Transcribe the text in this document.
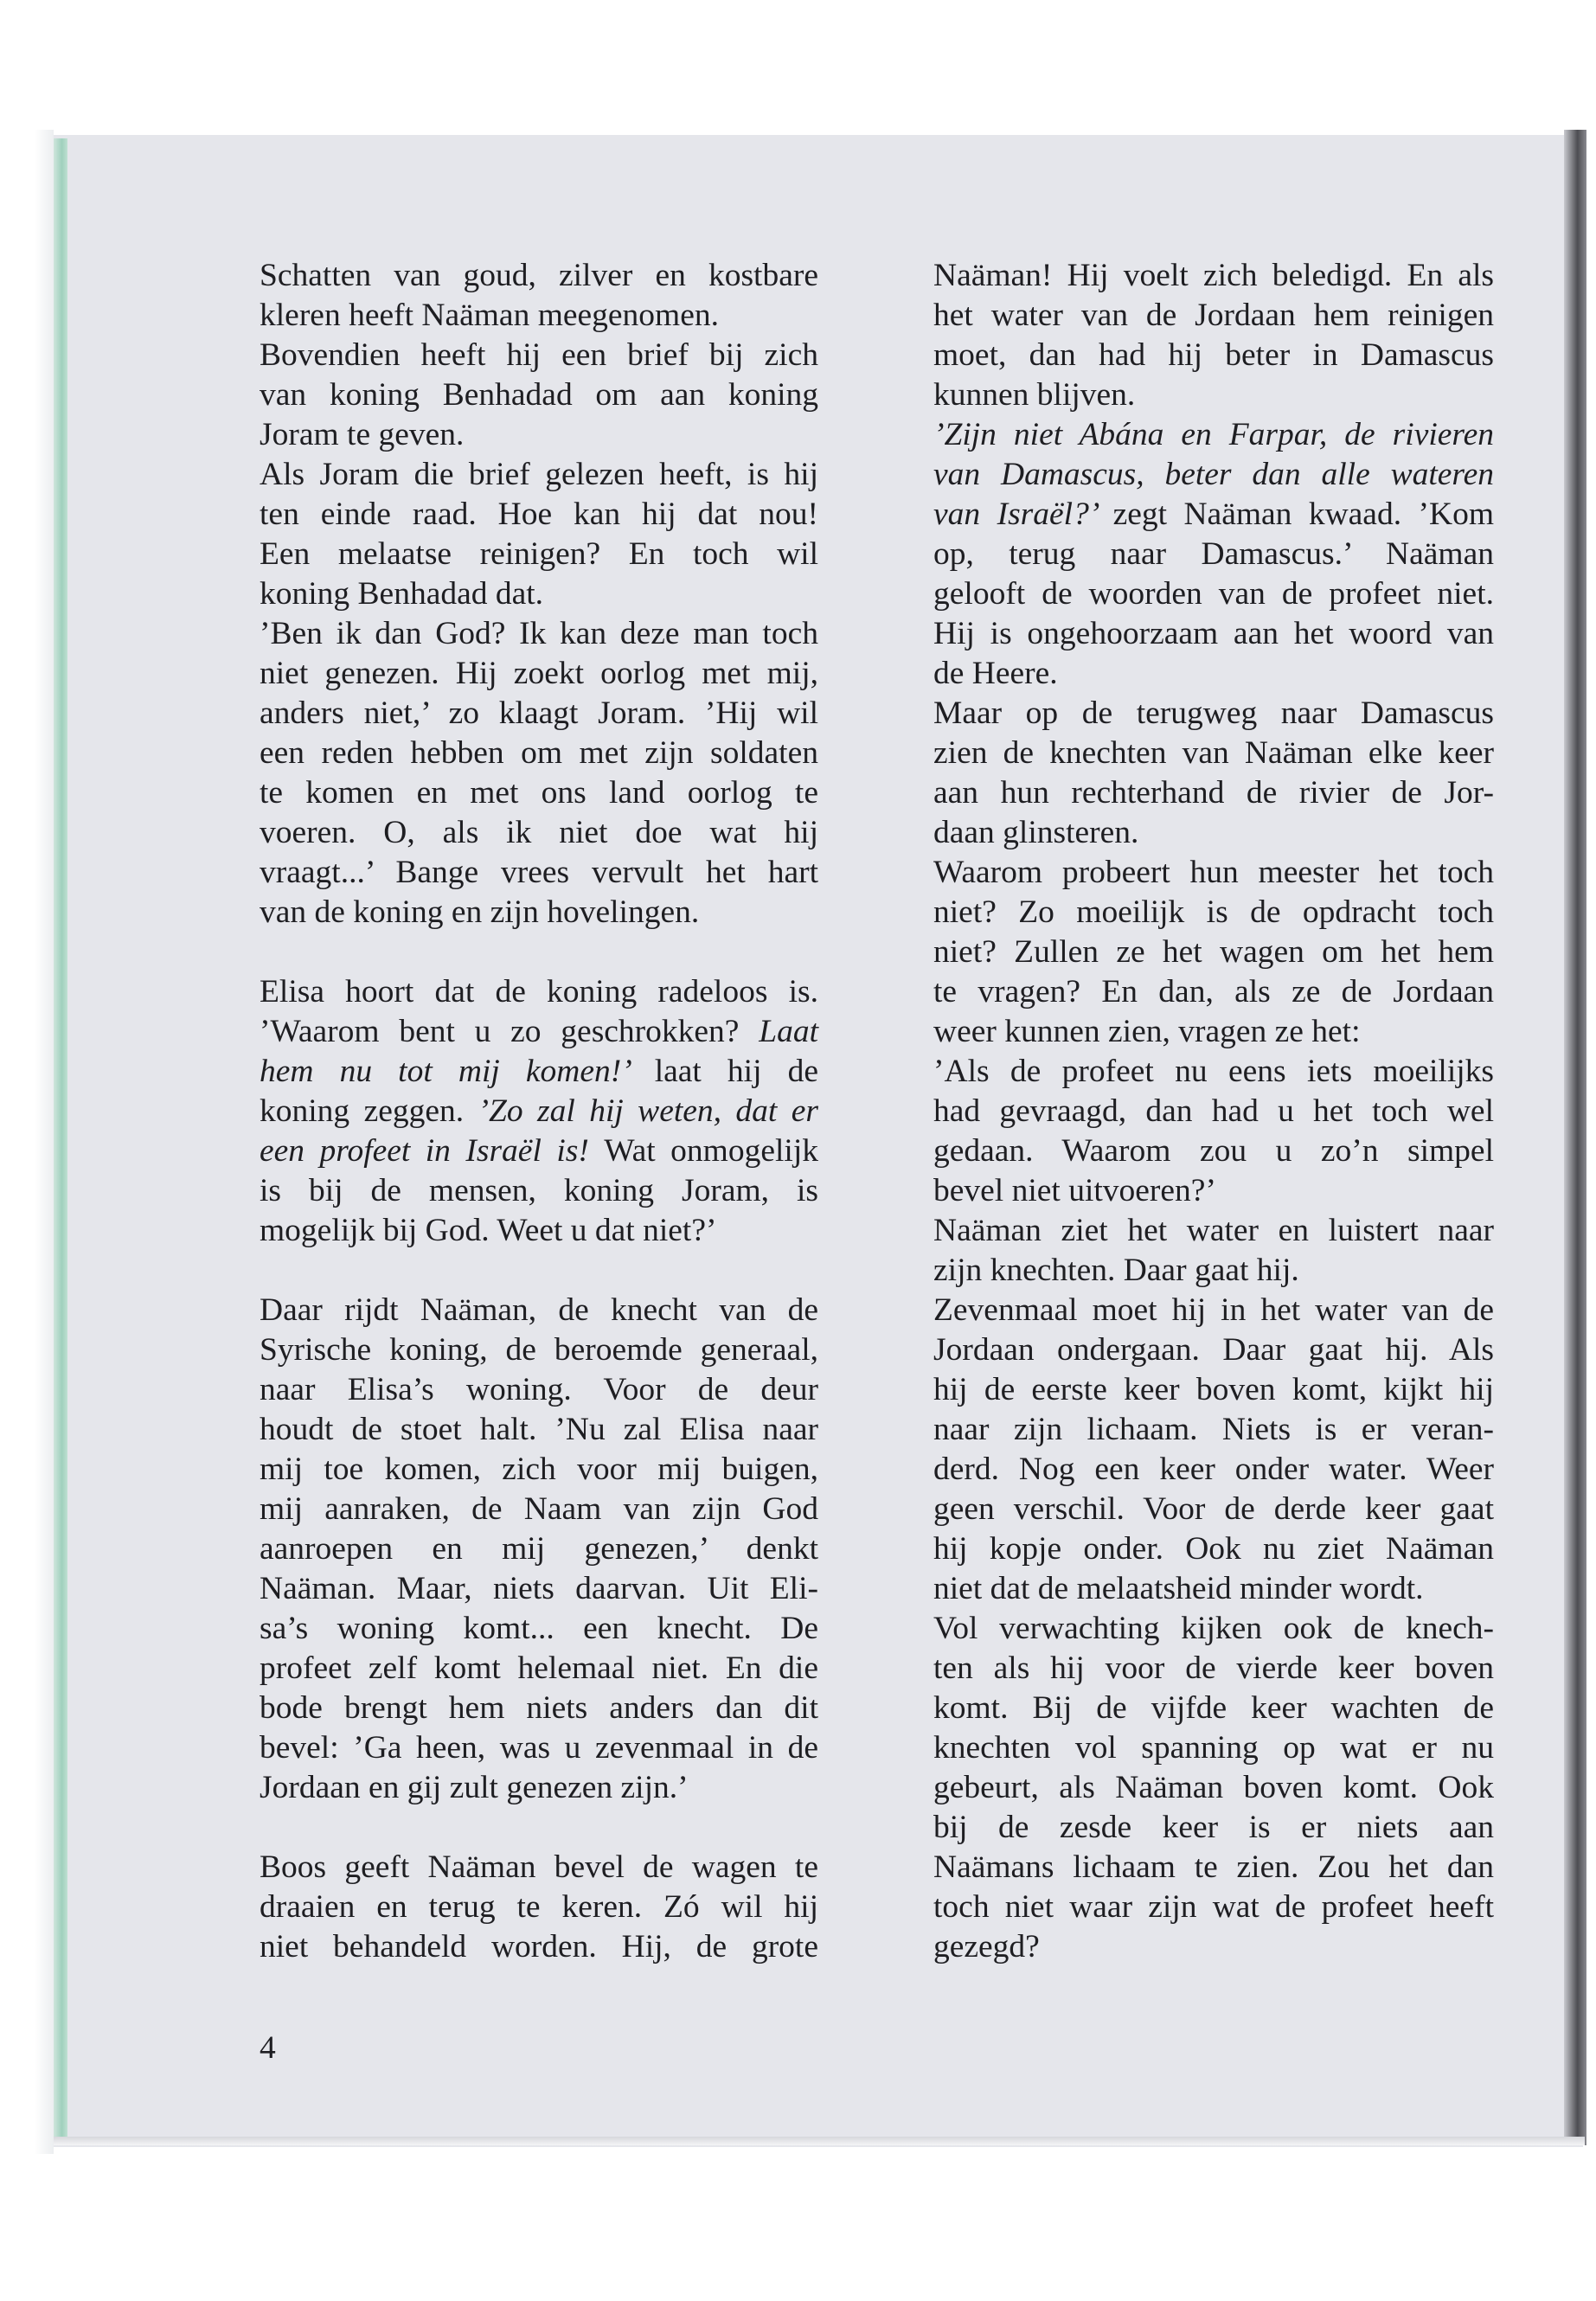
Schatten van goud, zilver en kostbare
kleren heeft Naäman meegenomen.
Bovendien heeft hij een brief bij zich
van koning Benhadad om aan koning
Joram te geven.
Als Joram die brief gelezen heeft, is hij
ten einde raad. Hoe kan hij dat nou!
Een melaatse reinigen? En toch wil
koning Benhadad dat.
’Ben ik dan God? Ik kan deze man toch
niet genezen. Hij zoekt oorlog met mij,
anders niet,’ zo klaagt Joram. ’Hij wil
een reden hebben om met zijn soldaten
te komen en met ons land oorlog te
voeren. O, als ik niet doe wat hij
vraagt...’ Bange vrees vervult het hart
van de koning en zijn hovelingen.
Elisa hoort dat de koning radeloos is.
’Waarom bent u zo geschrokken? Laat
hem nu tot mij komen!’ laat hij de
koning zeggen. ’Zo zal hij weten, dat er
een profeet in Israël is! Wat onmogelijk
is bij de mensen, koning Joram, is
mogelijk bij God. Weet u dat niet?’
Daar rijdt Naäman, de knecht van de
Syrische koning, de beroemde generaal,
naar Elisa’s woning. Voor de deur
houdt de stoet halt. ’Nu zal Elisa naar
mij toe komen, zich voor mij buigen,
mij aanraken, de Naam van zijn God
aanroepen en mij genezen,’ denkt
Naäman. Maar, niets daarvan. Uit Eli-
sa’s woning komt... een knecht. De
profeet zelf komt helemaal niet. En die
bode brengt hem niets anders dan dit
bevel: ’Ga heen, was u zevenmaal in de
Jordaan en gij zult genezen zijn.’
Boos geeft Naäman bevel de wagen te
draaien en terug te keren. Zó wil hij
niet behandeld worden. Hij, de grote
Naäman! Hij voelt zich beledigd. En als
het water van de Jordaan hem reinigen
moet, dan had hij beter in Damascus
kunnen blijven.
’Zijn niet Abána en Farpar, de rivieren
van Damascus, beter dan alle wateren
van Israël?’ zegt Naäman kwaad. ’Kom
op, terug naar Damascus.’ Naäman
gelooft de woorden van de profeet niet.
Hij is ongehoorzaam aan het woord van
de Heere.
Maar op de terugweg naar Damascus
zien de knechten van Naäman elke keer
aan hun rechterhand de rivier de Jor-
daan glinsteren.
Waarom probeert hun meester het toch
niet? Zo moeilijk is de opdracht toch
niet? Zullen ze het wagen om het hem
te vragen? En dan, als ze de Jordaan
weer kunnen zien, vragen ze het:
’Als de profeet nu eens iets moeilijks
had gevraagd, dan had u het toch wel
gedaan. Waarom zou u zo’n simpel
bevel niet uitvoeren?’
Naäman ziet het water en luistert naar
zijn knechten. Daar gaat hij.
Zevenmaal moet hij in het water van de
Jordaan ondergaan. Daar gaat hij. Als
hij de eerste keer boven komt, kijkt hij
naar zijn lichaam. Niets is er veran-
derd. Nog een keer onder water. Weer
geen verschil. Voor de derde keer gaat
hij kopje onder. Ook nu ziet Naäman
niet dat de melaatsheid minder wordt.
Vol verwachting kijken ook de knech-
ten als hij voor de vierde keer boven
komt. Bij de vijfde keer wachten de
knechten vol spanning op wat er nu
gebeurt, als Naäman boven komt. Ook
bij de zesde keer is er niets aan
Naämans lichaam te zien. Zou het dan
toch niet waar zijn wat de profeet heeft
gezegd?
4
